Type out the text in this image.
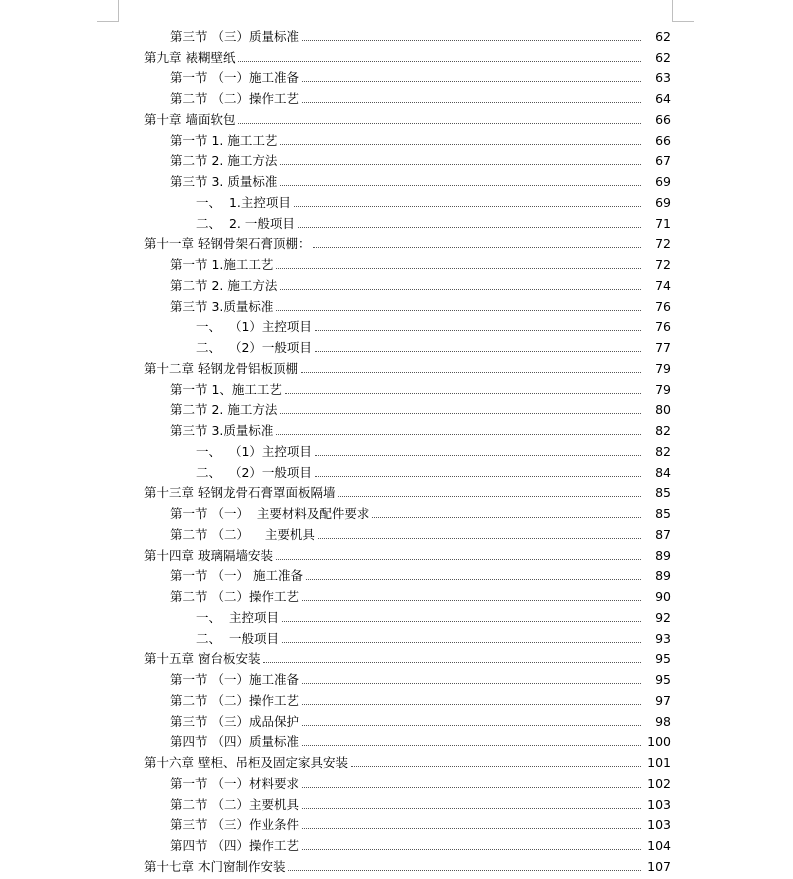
第三节 （三）质量标准	62
第九章 裱糊壁纸	62
第一节 （一）施工准备	63
第二节 （二）操作工艺	64
第十章 墙面软包	66
第一节 1. 施工工艺	66
第二节 2. 施工方法	67
第三节 3. 质量标准	69
一、  1.主控项目	69
二、  2. 一般项目	71
第十一章 轻钢骨架石膏顶棚：	72
第一节 1.施工工艺	72
第二节 2. 施工方法	74
第三节 3.质量标准	76
一、  （1）主控项目	76
二、  （2）一般项目	77
第十二章 轻钢龙骨铝板顶棚	79
第一节 1、施工工艺	79
第二节 2. 施工方法	80
第三节 3.质量标准	82
一、  （1）主控项目	82
二、  （2）一般项目	84
第十三章 轻钢龙骨石膏罩面板隔墙	85
第一节 （一）  主要材料及配件要求	85
第二节 （二）    主要机具	87
第十四章 玻璃隔墙安装	89
第一节 （一） 施工准备	89
第二节 （二）操作工艺	90
一、  主控项目	92
二、  一般项目	93
第十五章 窗台板安装	95
第一节 （一）施工准备	95
第二节 （二）操作工艺	97
第三节 （三）成品保护	98
第四节 （四）质量标准	100
第十六章 壁柜、吊柜及固定家具安装	101
第一节 （一）材料要求	102
第二节 （二）主要机具	103
第三节 （三）作业条件	103
第四节 （四）操作工艺	104
第十七章 木门窗制作安装	107
